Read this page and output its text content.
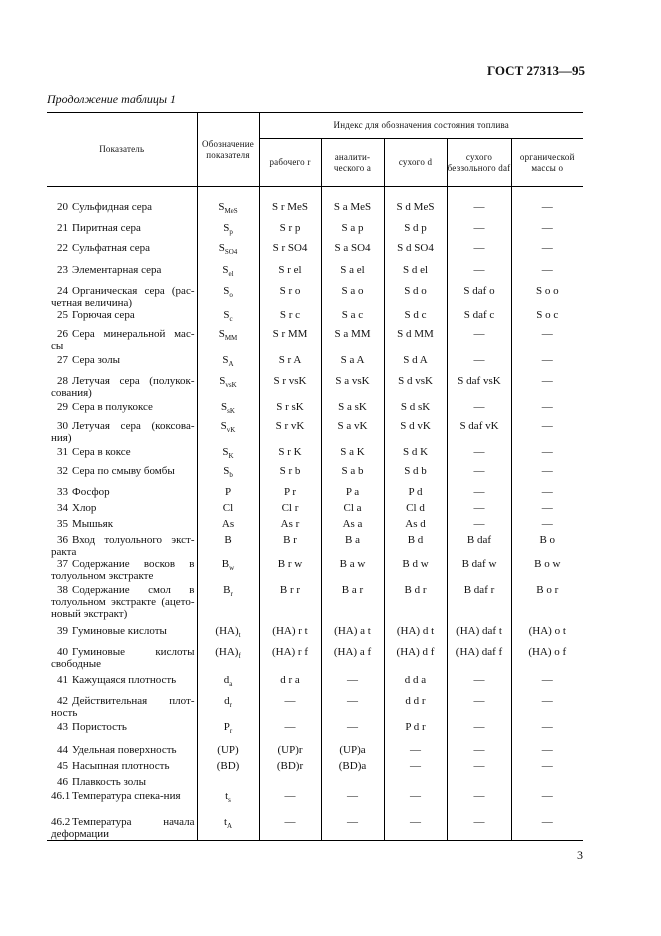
ГОСТ 27313—95
Продолжение таблицы 1
Показатель	Обозначение показателя	Индекс для обозначения состояния топлива				
		рабочего r	аналити-ческого a	сухого d	сухого беззольного daf	органической массы o

20 Сульфидная сера	$S_{MeS}$	S r MeS	S a MeS	S d MeS	—	—
21 Пиритная сера	$S_p$	S r p	S a p	S d p	—	—
22 Сульфатная сера	$S_{SO4}$	S r SO4	S a SO4	S d SO4	—	—
23 Элементарная сера	$S_{el}$	S r el	S a el	S d el	—	—
24 Органическая сера (рас-четная величина)	$S_o$	S r o	S a o	S d o	S daf o	S o o
25 Горючая сера	$S_c$	S r c	S a c	S d c	S daf c	S o c
26 Сера минеральной мас-сы	$S_{MM}$	S r MM	S a MM	S d MM	—	—
27 Сера золы	$S_A$	S r A	S a A	S d A	—	—
28 Летучая сера (полукок-сования)	$S_{vsK}$	S r vsK	S a vsK	S d vsK	S daf vsK	—
29 Сера в полукоксе	$S_{sK}$	S r sK	S a sK	S d sK	—	—
30 Летучая сера (коксова-ния)	$S_{vK}$	S r vK	S a vK	S d vK	S daf vK	—
31 Сера в коксе	$S_K$	S r K	S a K	S d K	—	—
32 Сера по смыву бомбы	$S_b$	S r b	S a b	S d b	—	—
33 Фосфор	P	P r	P a	P d	—	—
34 Хлор	Cl	Cl r	Cl a	Cl d	—	—
35 Мышьяк	As	As r	As a	As d	—	—
36 Вход толуольного экст-ракта	B	B r	B a	B d	B daf	B o
37 Содержание восков в толуольном экстракте	$B_w$	B r w	B a w	B d w	B daf w	B o w
38 Содержание смол в толуольном экстракте (ацето-новый экстракт)	$B_r$	B r r	B a r	B d r	B daf r	B o r
39 Гуминовые кислоты	$(HA)_t$	(HA) r t	(HA) a t	(HA) d t	(HA) daf t	(HA) o t
40 Гуминовые кислоты свободные	$(HA)_f$	(HA) r f	(HA) a f	(HA) d f	(HA) daf f	(HA) o f
41 Кажущаяся плотность	$d_a$	d r a	—	d d a	—	—
42 Действительная плот-ность	$d_r$	—	—	d d r	—	—
43 Пористость	$P_r$	—	—	P d r	—	—
44 Удельная поверхность	(UP)	(UP)r	(UP)a	—	—	—
45 Насыпная плотность	(BD)	(BD)r	(BD)a	—	—	—
46 Плавкость золы						
46.1 Температура спека-ния	$t_s$	—	—	—	—	—
46.2 Температура начала деформации	$t_A$	—	—	—	—	—
3
